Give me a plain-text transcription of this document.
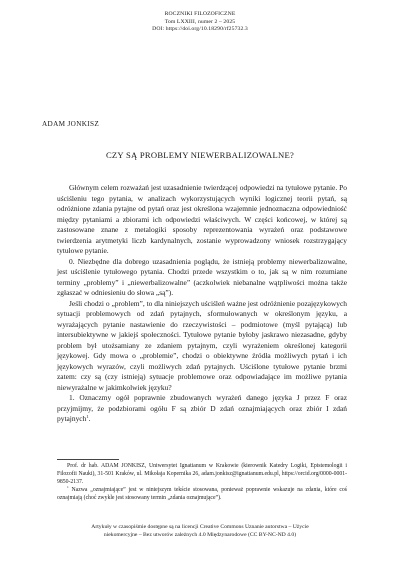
ROCZNIKI FILOZOFICZNE
Tom LXXIII, numer 2 – 2025
DOI: https://doi.org/10.18290/rf25732.3
ADAM JONKISZ
CZY SĄ PROBLEMY NIEWERBALIZOWALNE?

Głównym celem rozważań jest uzasadnienie twierdzącej odpowiedzi na tytułowe pytanie. Po uściśleniu tego pytania, w analizach wykorzystujących wyniki logicznej teorii pytań, są odróżnione zdania pytajne od pytań oraz jest określona wzajemnie jednoznaczna odpowiedniość między pytaniami a zbiorami ich odpowiedzi właściwych. W części końcowej, w której są zastosowane znane z metalogiki sposoby reprezentowania wyrażeń oraz podstawowe twierdzenia arytmetyki liczb kardynalnych, zostanie wyprowadzony wniosek rozstrzygający tytułowe pytanie.

0. Niezbędne dla dobrego uzasadnienia poglądu, że istnieją problemy niewerbalizowalne, jest uściślenie tytułowego pytania. Chodzi przede wszystkim o to, jak są w nim rozumiane terminy „problemy” i „niewerbalizowalne” (aczkolwiek niebanalne wątpliwości można także zgłaszać w odniesieniu do słowa „są”).

Jeśli chodzi o „problem”, to dla niniejszych uściśleń ważne jest odróżnienie pozajęzykowych sytuacji problemowych od zdań pytajnych, sformułowanych w określonym języku, a wyrażających pytanie nastawienie do rzeczywistości – podmiotowe (myśl pytającą) lub intersubiektywne w jakiejś społeczności. Tytułowe pytanie byłoby jaskrawo niezasadne, gdyby problem był utożsamiany ze zdaniem pytajnym, czyli wyrażeniem określonej kategorii językowej. Gdy mowa o „problemie”, chodzi o obiektywne źródła możliwych pytań i ich językowych wyrazów, czyli możliwych zdań pytajnych. Uściślone tytułowe pytanie brzmi zatem: czy są (czy istnieją) sytuacje problemowe oraz odpowiadające im możliwe pytania niewyrażalne w jakimkolwiek języku?

1. Oznaczmy ogół poprawnie zbudowanych wyrażeń danego języka J przez F oraz przyjmijmy, że podzbiorami ogółu F są zbiór D zdań oznajmiających oraz zbiór I zdań pytajnych$^1$.

Prof. dr hab. ADAM JONKISZ, Uniwersytet Ignatianum w Krakowie (kierownik Katedry Logiki, Epistemologii i Filozofii Nauki), 31-501 Kraków, ul. Mikołaja Kopernika 26, adam.jonkisz@ignatianum.edu.pl, https://orcid.org/0000-0001-9850-2137.

$^1$ Nazwa „oznajmiające” jest w niniejszym tekście stosowana, ponieważ poprawnie wskazuje na zdania, które coś oznajmiają (choć zwykle jest stosowany termin „zdania oznajmujące”).

Artykuły w czasopiśmie dostępne są na licencji Creative Commons Uznanie autorstwa – Użycie
niekomercyjne – Bez utworów zależnych 4.0 Międzynarodowe (CC BY-NC-ND 4.0)
